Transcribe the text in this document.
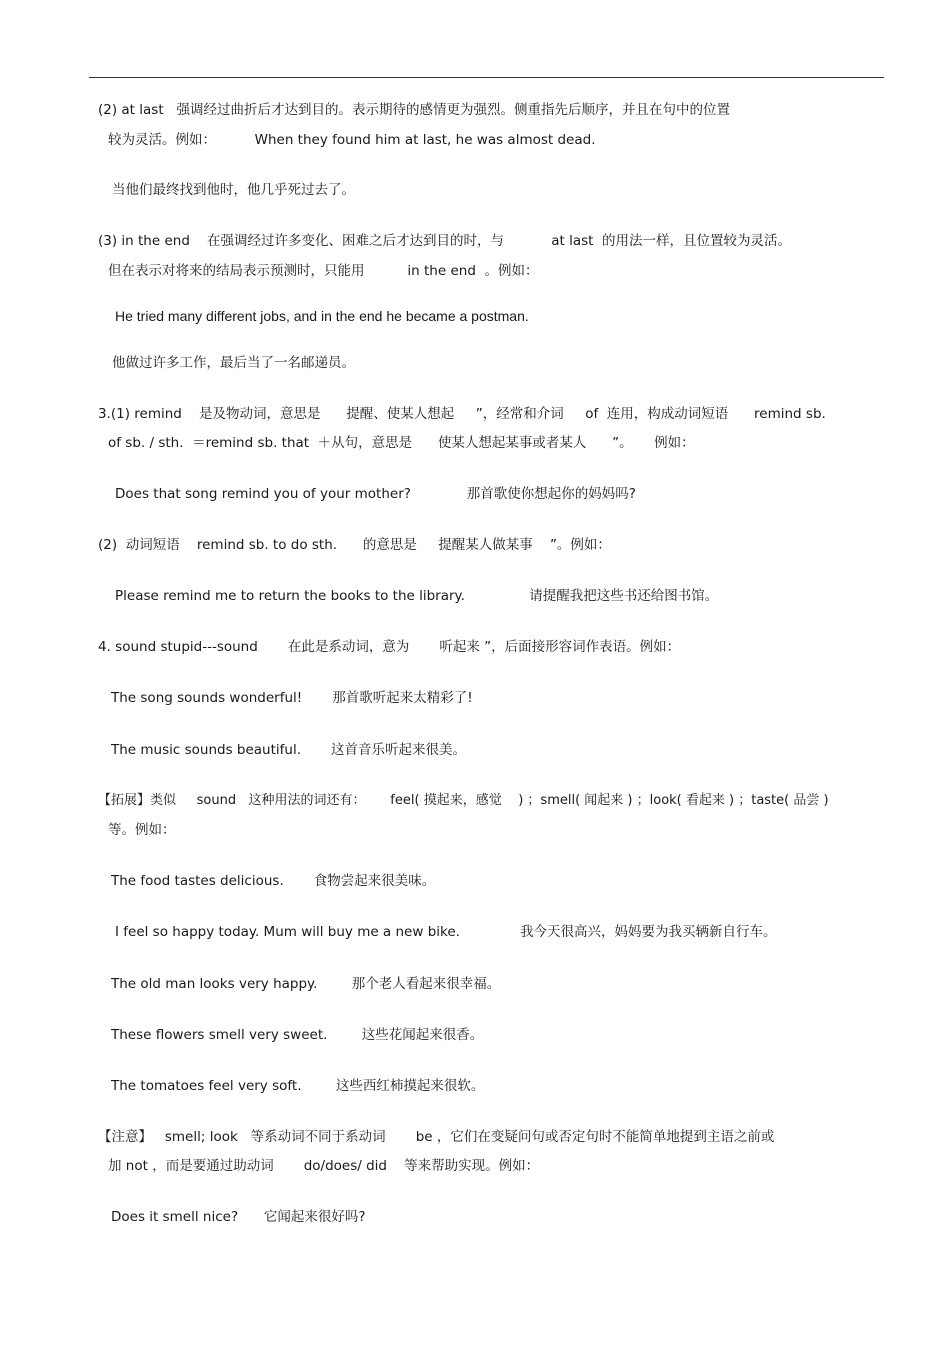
(2) at last   强调经过曲折后才达到目的。表示期待的感情更为强烈。侧重指先后顺序，并且在句中的位置
较为灵活。例如：         When they found him at last, he was almost dead.
当他们最终找到他时，他几乎死过去了。
(3) in the end    在强调经过许多变化、困难之后才达到目的时，与           at last  的用法一样，且位置较为灵活。
但在表示对将来的结局表示预测时，只能用          in the end  。例如：
He tried many different jobs, and in the end he became a postman.
他做过许多工作，最后当了一名邮递员。
3.(1) remind    是及物动词，意思是      提醒、使某人想起     ”，经常和介词     of  连用，构成动词短语      remind sb.
of sb. / sth.  ＝remind sb. that  ＋从句，意思是      使某人想起某事或者某人      ”。     例如：
Does that song remind you of your mother?             那首歌使你想起你的妈妈吗?
(2)  动词短语    remind sb. to do sth.      的意思是     提醒某人做某事    ”。例如：
Please remind me to return the books to the library.               请提醒我把这些书还给图书馆。
4. sound stupid---sound       在此是系动词，意为       听起来 ”，后面接形容词作表语。例如：
The song sounds wonderful!       那首歌听起来太精彩了!
The music sounds beautiful.       这首音乐听起来很美。
【拓展】类似     sound   这种用法的词还有：      feel( 摸起来，感觉    ) ；smell( 闻起来 ) ；look( 看起来 ) ；taste( 品尝 )
等。例如：
The food tastes delicious.       食物尝起来很美味。
I feel so happy today. Mum will buy me a new bike.              我今天很高兴，妈妈要为我买辆新自行车。
The old man looks very happy.        那个老人看起来很幸福。
These flowers smell very sweet.        这些花闻起来很香。
The tomatoes feel very soft.        这些西红柿摸起来很软。
【注意】   smell; look   等系动词不同于系动词       be ，它们在变疑问句或否定句时不能简单地提到主语之前或
加 not ，而是要通过助动词       do/does/ did    等来帮助实现。例如：
Does it smell nice?      它闻起来很好吗?
